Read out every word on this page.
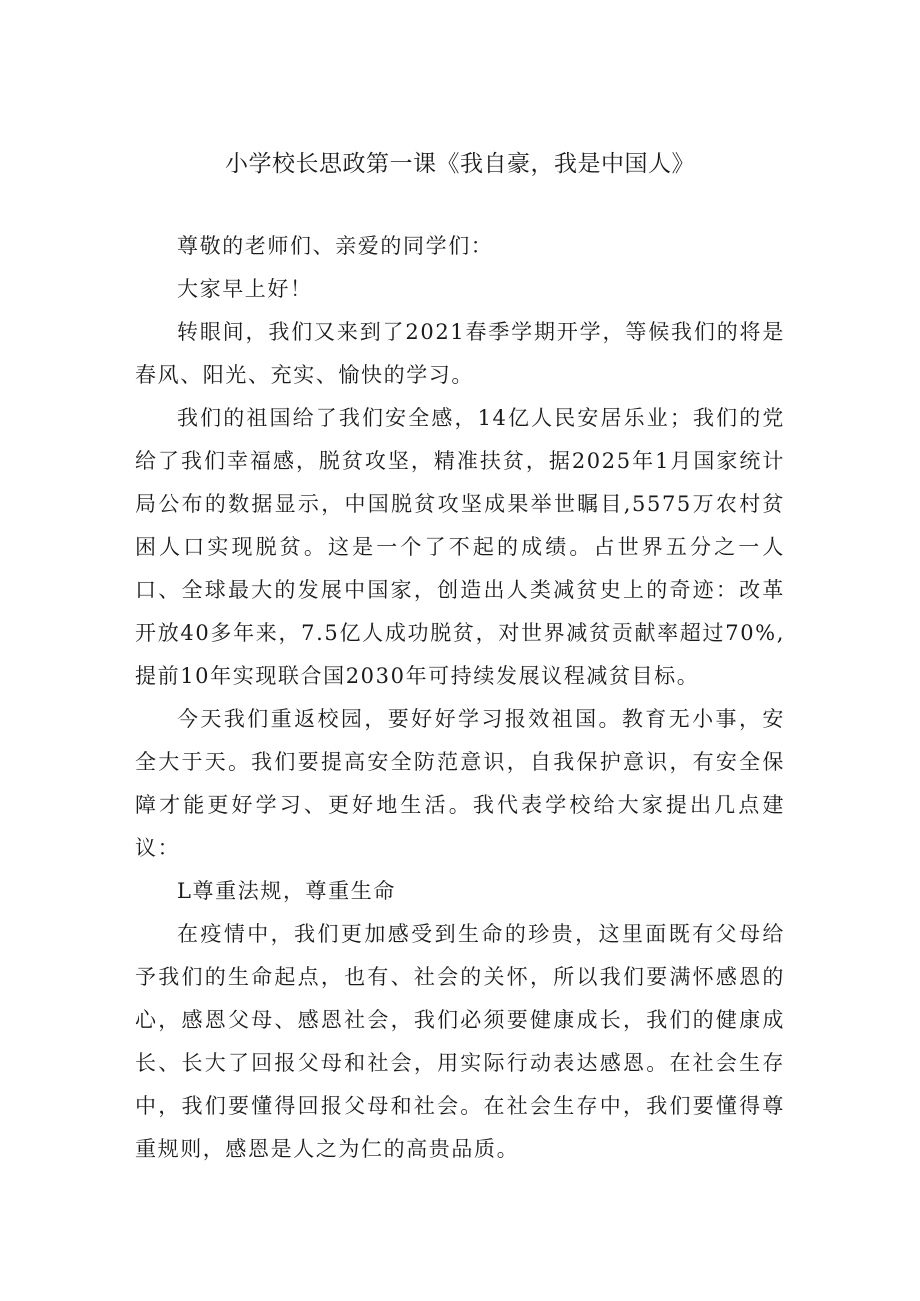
小学校长思政第一课《我自豪，我是中国人》

尊敬的老师们、亲爱的同学们：

大家早上好！

转眼间，我们又来到了2021春季学期开学，等候我们的将是春风、阳光、充实、愉快的学习。

我们的祖国给了我们安全感，14亿人民安居乐业；我们的党给了我们幸福感，脱贫攻坚，精准扶贫，据2025年1月国家统计局公布的数据显示，中国脱贫攻坚成果举世瞩目,5575万农村贫困人口实现脱贫。这是一个了不起的成绩。占世界五分之一人口、全球最大的发展中国家，创造出人类减贫史上的奇迹：改革开放40多年来，7.5亿人成功脱贫，对世界减贫贡献率超过70%,提前10年实现联合国2030年可持续发展议程减贫目标。

今天我们重返校园，要好好学习报效祖国。教育无小事，安全大于天。我们要提高安全防范意识，自我保护意识，有安全保障才能更好学习、更好地生活。我代表学校给大家提出几点建议：

L尊重法规，尊重生命

在疫情中，我们更加感受到生命的珍贵，这里面既有父母给予我们的生命起点，也有、社会的关怀，所以我们要满怀感恩的心，感恩父母、感恩社会，我们必须要健康成长，我们的健康成长、长大了回报父母和社会，用实际行动表达感恩。在社会生存中，我们要懂得回报父母和社会。在社会生存中，我们要懂得尊重规则，感恩是人之为仁的高贵品质。
